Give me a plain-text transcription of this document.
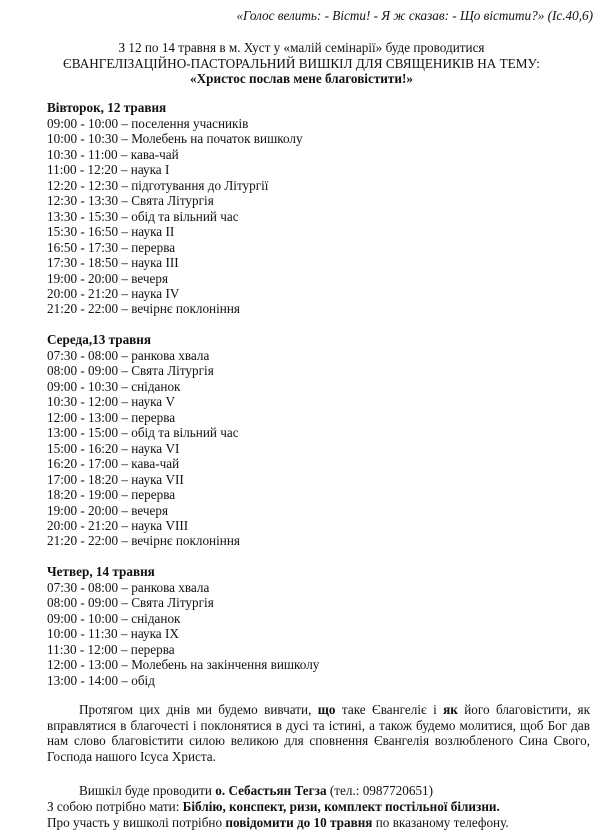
«Голос велить: - Вісти! - Я ж сказав: - Що вістити?» (Іс.40,6)
З 12 по 14 травня в м. Хуст у «малій семінарії» буде проводитися
ЄВАНГЕЛІЗАЦІЙНО-ПАСТОРАЛЬНИЙ ВИШКІЛ ДЛЯ СВЯЩЕНИКІВ НА ТЕМУ:
«Христос послав мене благовістити!»
Вівторок, 12 травня
09:00 - 10:00 – поселення учасників
10:00 - 10:30 – Молебень на початок вишколу
10:30 - 11:00 – кава-чай
11:00 - 12:20 – наука I
12:20 - 12:30 – підготування до Літургії
12:30 - 13:30 – Свята Літургія
13:30 - 15:30 – обід та вільний час
15:30 - 16:50 – наука II
16:50 - 17:30 – перерва
17:30 - 18:50 – наука III
19:00 - 20:00 – вечеря
20:00 - 21:20 – наука IV
21:20 - 22:00 – вечірнє поклоніння
Середа,13 травня
07:30 - 08:00 – ранкова хвала
08:00 - 09:00 – Свята Літургія
09:00 - 10:30 – сніданок
10:30 - 12:00 – наука V
12:00 - 13:00 – перерва
13:00 - 15:00 – обід та вільний час
15:00 - 16:20 – наука VI
16:20 - 17:00 – кава-чай
17:00 - 18:20 – наука VII
18:20 - 19:00 – перерва
19:00 - 20:00 – вечеря
20:00 - 21:20 – наука VIII
21:20 - 22:00 – вечірнє поклоніння
Четвер, 14 травня
07:30 - 08:00 – ранкова хвала
08:00 - 09:00 – Свята Літургія
09:00 - 10:00 – сніданок
10:00 - 11:30 – наука IX
11:30 - 12:00 – перерва
12:00 - 13:00 – Молебень на закінчення вишколу
13:00 - 14:00 – обід
Протягом цих днів ми будемо вивчати, що таке Євангеліє і як його благовістити, як вправлятися в благочесті і поклонятися в дусі та істині, а також будемо молитися, щоб Бог дав нам слово благовістити силою великою для сповнення Євангелія возлюбленого Сина Свого, Господа нашого Ісуса Христа.
Вишкіл буде проводити о. Себастьян Тегза (тел.: 0987720651)
З собою потрібно мати: Біблію, конспект, ризи, комплект постільної білизни.
Про участь у вишколі потрібно повідомити до 10 травня по вказаному телефону.
